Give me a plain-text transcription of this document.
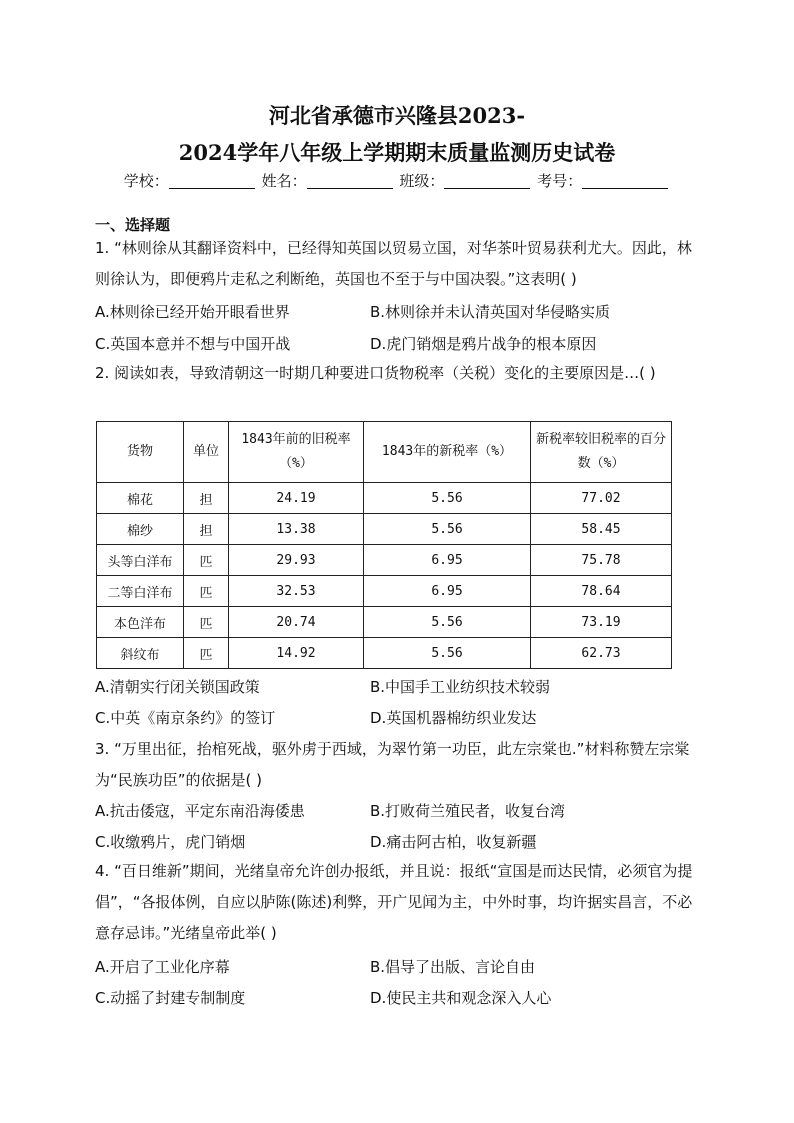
河北省承德市兴隆县2023-
2024学年八年级上学期期末质量监测历史试卷
学校：	姓名：	班级：	考号：
一、选择题
1. “林则徐从其翻译资料中，已经得知英国以贸易立国，对华茶叶贸易获利尤大。因此，林则徐认为，即便鸦片走私之利断绝，英国也不至于与中国决裂。”这表明( )
A.林则徐已经开始开眼看世界	B.林则徐并未认清英国对华侵略实质
C.英国本意并不想与中国开战	D.虎门销烟是鸦片战争的根本原因
2. 阅读如表，导致清朝这一时期几种要进口货物税率（关税）变化的主要原因是…( )
货物	单位	1843年前的旧税率（%）	1843年的新税率（%）	新税率较旧税率的百分数（%）
棉花	担	24.19	5.56	77.02
棉纱	担	13.38	5.56	58.45
头等白洋布	匹	29.93	6.95	75.78
二等白洋布	匹	32.53	6.95	78.64
本色洋布	匹	20.74	5.56	73.19
斜纹布	匹	14.92	5.56	62.73
A.清朝实行闭关锁国政策	B.中国手工业纺织技术较弱
C.中英《南京条约》的签订	D.英国机器棉纺织业发达
3. “万里出征，抬棺死战，驱外虏于西域，为翠竹第一功臣，此左宗棠也.”材料称赞左宗棠为“民族功臣”的依据是( )
A.抗击倭寇，平定东南沿海倭患	B.打败荷兰殖民者，收复台湾
C.收缴鸦片，虎门销烟	D.痛击阿古柏，收复新疆
4. “百日维新”期间，光绪皇帝允许创办报纸，并且说：报纸“宣国是而达民情，必须官为提倡”，“各报体例，自应以胪陈(陈述)利弊，开广见闻为主，中外时事，均许据实昌言，不必意存忌讳。”光绪皇帝此举( )
A.开启了工业化序幕	B.倡导了出版、言论自由
C.动摇了封建专制制度	D.使民主共和观念深入人心
